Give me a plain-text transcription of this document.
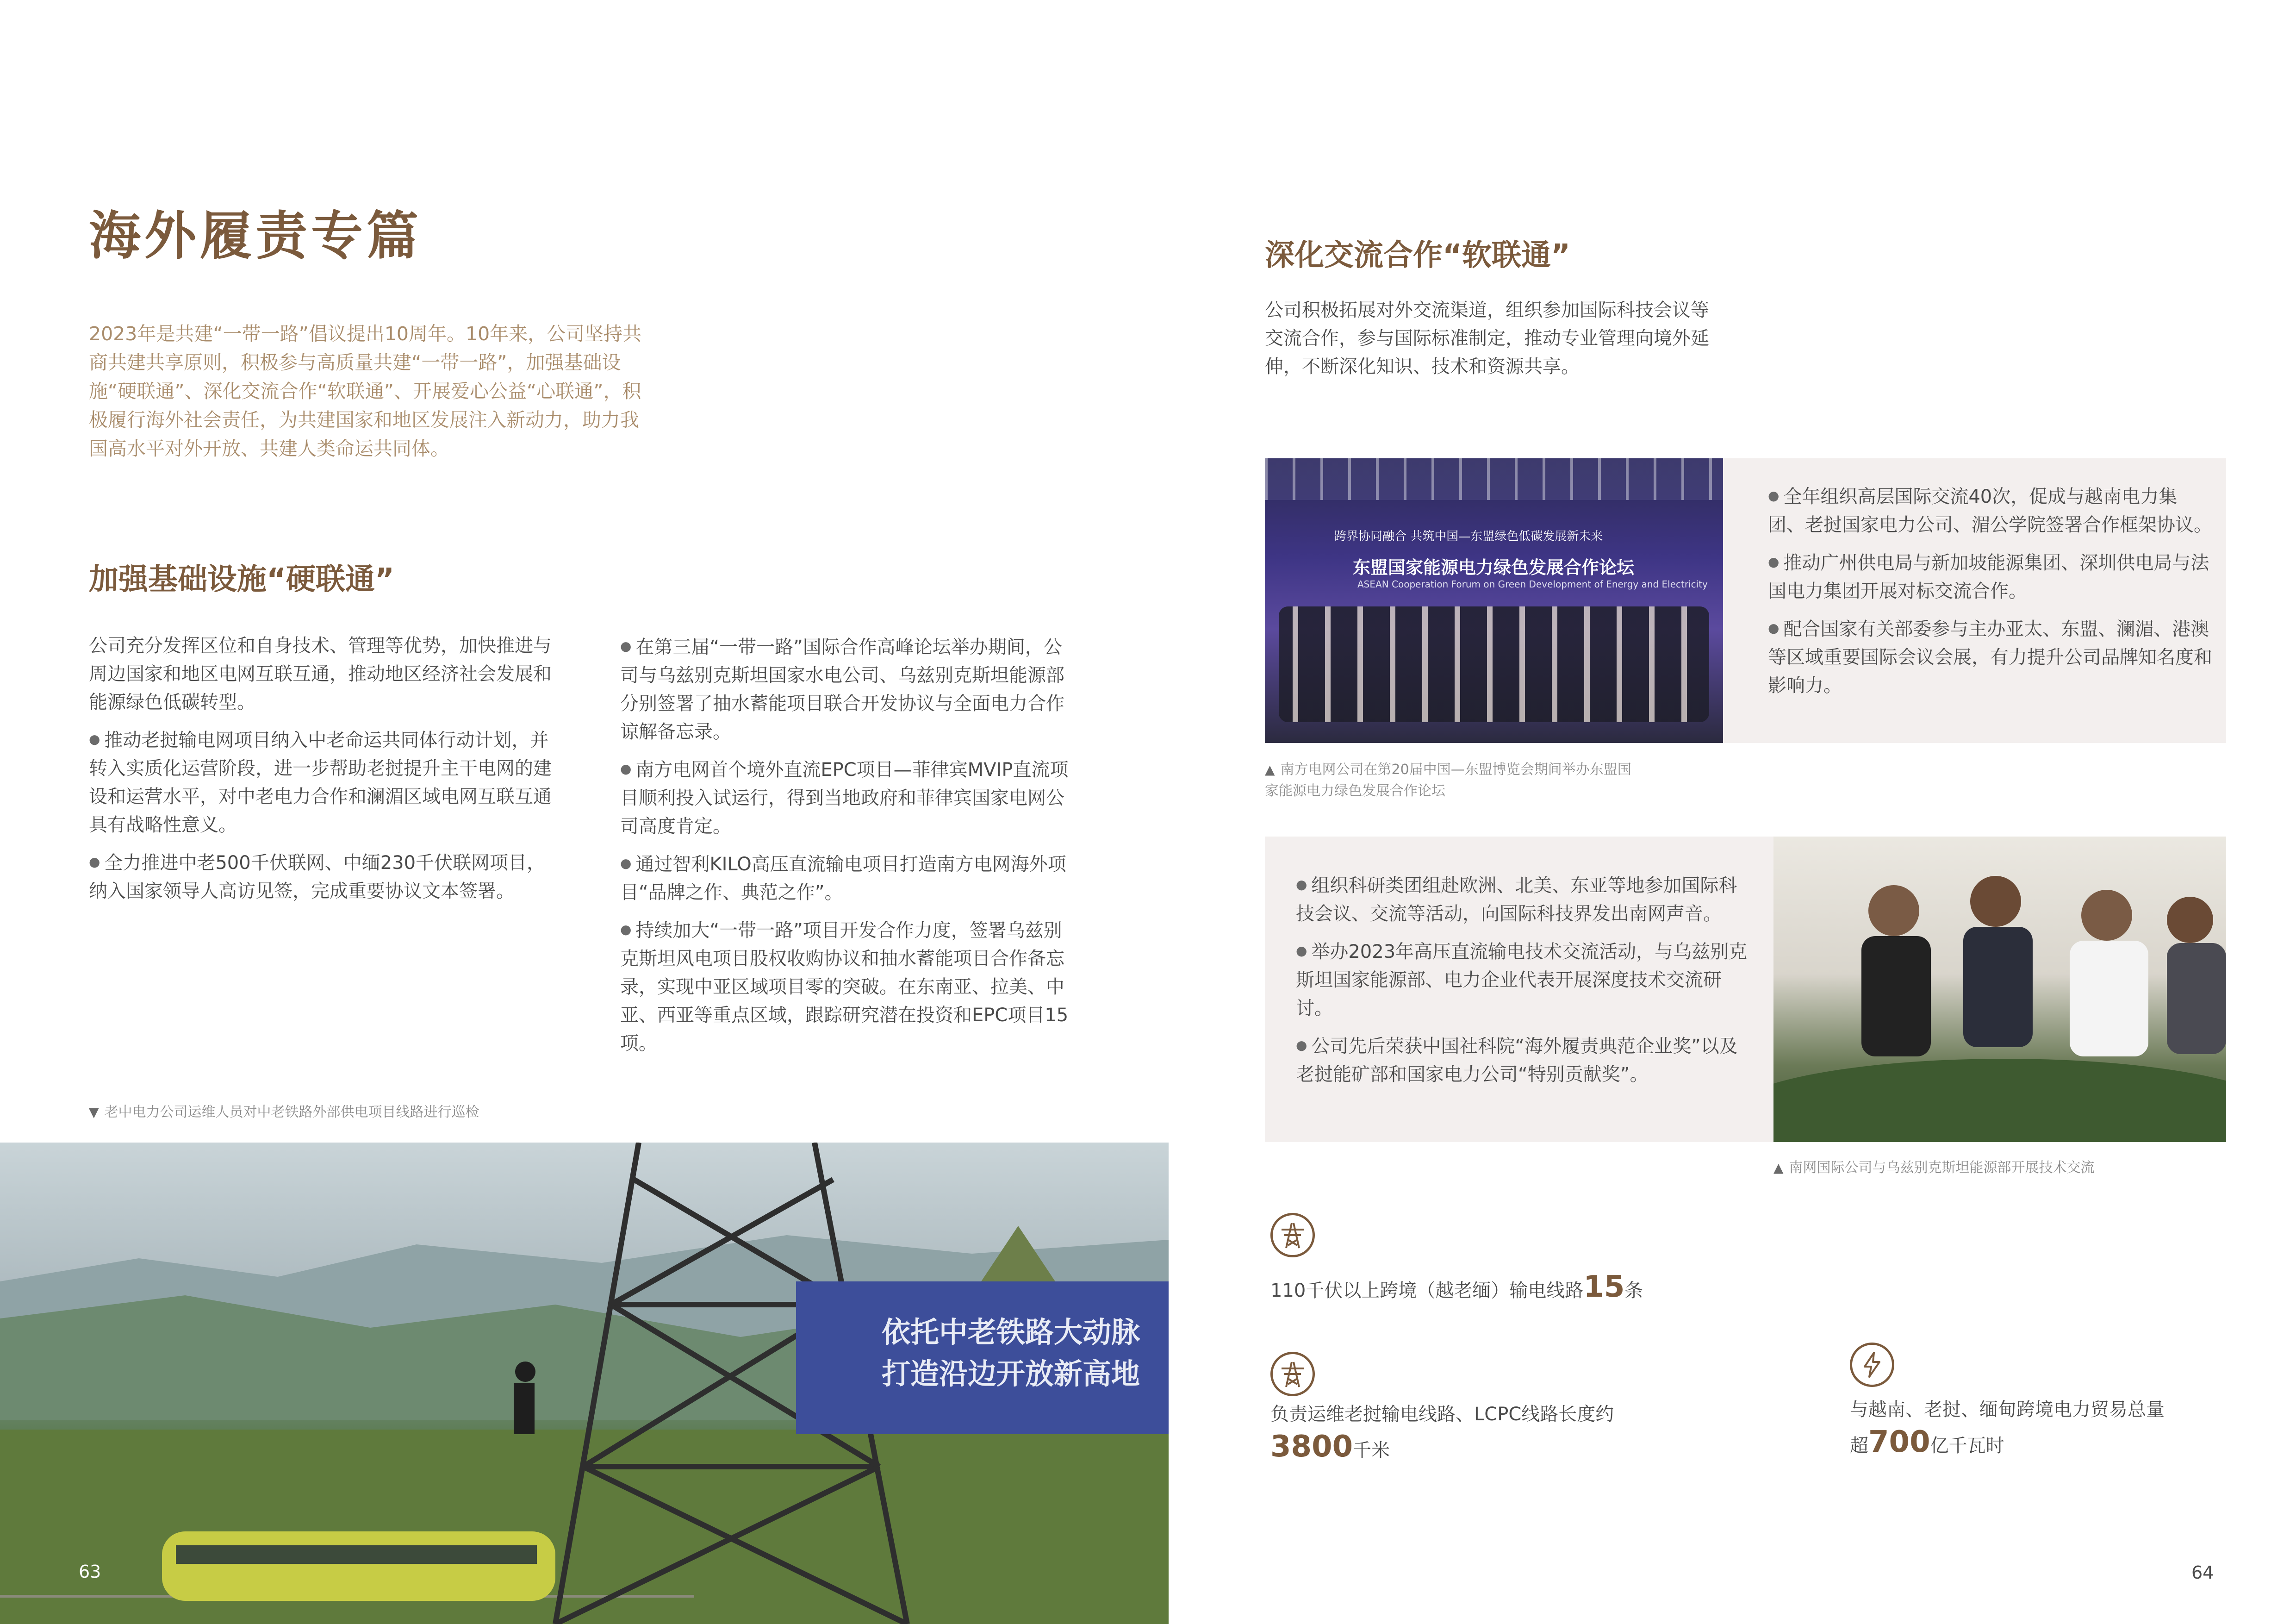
海外履责专篇
2023年是共建“一带一路”倡议提出10周年。10年来，公司坚持共商共建共享原则，积极参与高质量共建“一带一路”，加强基础设施“硬联通”、深化交流合作“软联通”、开展爱心公益“心联通”，积极履行海外社会责任，为共建国家和地区发展注入新动力，助力我国高水平对外开放、共建人类命运共同体。
加强基础设施“硬联通”

公司充分发挥区位和自身技术、管理等优势，加快推进与周边国家和地区电网互联互通，推动地区经济社会发展和能源绿色低碳转型。

● 推动老挝输电网项目纳入中老命运共同体行动计划，并转入实质化运营阶段，进一步帮助老挝提升主干电网的建设和运营水平，对中老电力合作和澜湄区域电网互联互通具有战略性意义。

● 全力推进中老500千伏联网、中缅230千伏联网项目，纳入国家领导人高访见签，完成重要协议文本签署。

● 在第三届“一带一路”国际合作高峰论坛举办期间，公司与乌兹别克斯坦国家水电公司、乌兹别克斯坦能源部分别签署了抽水蓄能项目联合开发协议与全面电力合作谅解备忘录。

● 南方电网首个境外直流EPC项目—菲律宾MVIP直流项目顺利投入试运行，得到当地政府和菲律宾国家电网公司高度肯定。

● 通过智利KILO高压直流输电项目打造南方电网海外项目“品牌之作、典范之作”。

● 持续加大“一带一路”项目开发合作力度，签署乌兹别克斯坦风电项目股权收购协议和抽水蓄能项目合作备忘录，实现中亚区域项目零的突破。在东南亚、拉美、中亚、西亚等重点区域，跟踪研究潜在投资和EPC项目15项。

▼ 老中电力公司运维人员对中老铁路外部供电项目线路进行巡检
依托中老铁路大动脉
打造沿边开放新高地
63
深化交流合作“软联通”
公司积极拓展对外交流渠道，组织参加国际科技会议等交流合作，参与国际标准制定，推动专业管理向境外延伸，不断深化知识、技术和资源共享。
跨界协同融合 共筑中国—东盟绿色低碳发展新未来
东盟国家能源电力绿色发展合作论坛
ASEAN Cooperation Forum on Green Development of Energy and Electricity

● 全年组织高层国际交流40次，促成与越南电力集团、老挝国家电力公司、湄公学院签署合作框架协议。

● 推动广州供电局与新加坡能源集团、深圳供电局与法国电力集团开展对标交流合作。

● 配合国家有关部委参与主办亚太、东盟、澜湄、港澳等区域重要国际会议会展，有力提升公司品牌知名度和影响力。

▲ 南方电网公司在第20届中国—东盟博览会期间举办东盟国家能源电力绿色发展合作论坛

● 组织科研类团组赴欧洲、北美、东亚等地参加国际科技会议、交流等活动，向国际科技界发出南网声音。

● 举办2023年高压直流输电技术交流活动，与乌兹别克斯坦国家能源部、电力企业代表开展深度技术交流研讨。

● 公司先后荣获中国社科院“海外履责典范企业奖”以及老挝能矿部和国家电力公司“特别贡献奖”。

▲ 南网国际公司与乌兹别克斯坦能源部开展技术交流
110千伏以上跨境（越老缅）输电线路15条
负责运维老挝输电线路、LCPC线路长度约
3800千米
与越南、老挝、缅甸跨境电力贸易总量
超700亿千瓦时
64
